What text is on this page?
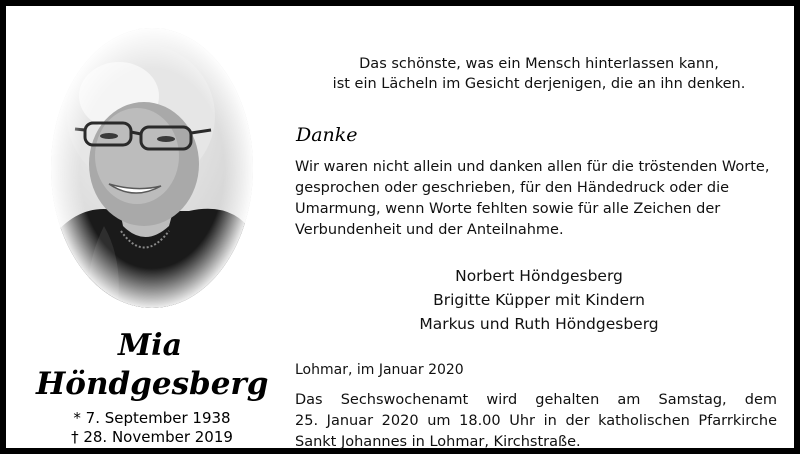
Mia
Höndgesberg
* 7. September 1938
† 28. November 2019
Das schönste, was ein Mensch hinterlassen kann,
ist ein Lächeln im Gesicht derjenigen, die an ihn denken.
Danke
Wir waren nicht allein und danken allen für die tröstenden Worte,
gesprochen oder geschrieben, für den Händedruck oder die
Umarmung, wenn Worte fehlten sowie für alle Zeichen der
Verbundenheit und der Anteilnahme.
Norbert Höndgesberg
Brigitte Küpper mit Kindern
Markus und Ruth Höndgesberg
Lohmar, im Januar 2020
Das Sechswochenamt wird gehalten am Samstag, dem
25. Januar 2020 um 18.00 Uhr in der katholischen Pfarrkirche
Sankt Johannes in Lohmar, Kirchstraße.
